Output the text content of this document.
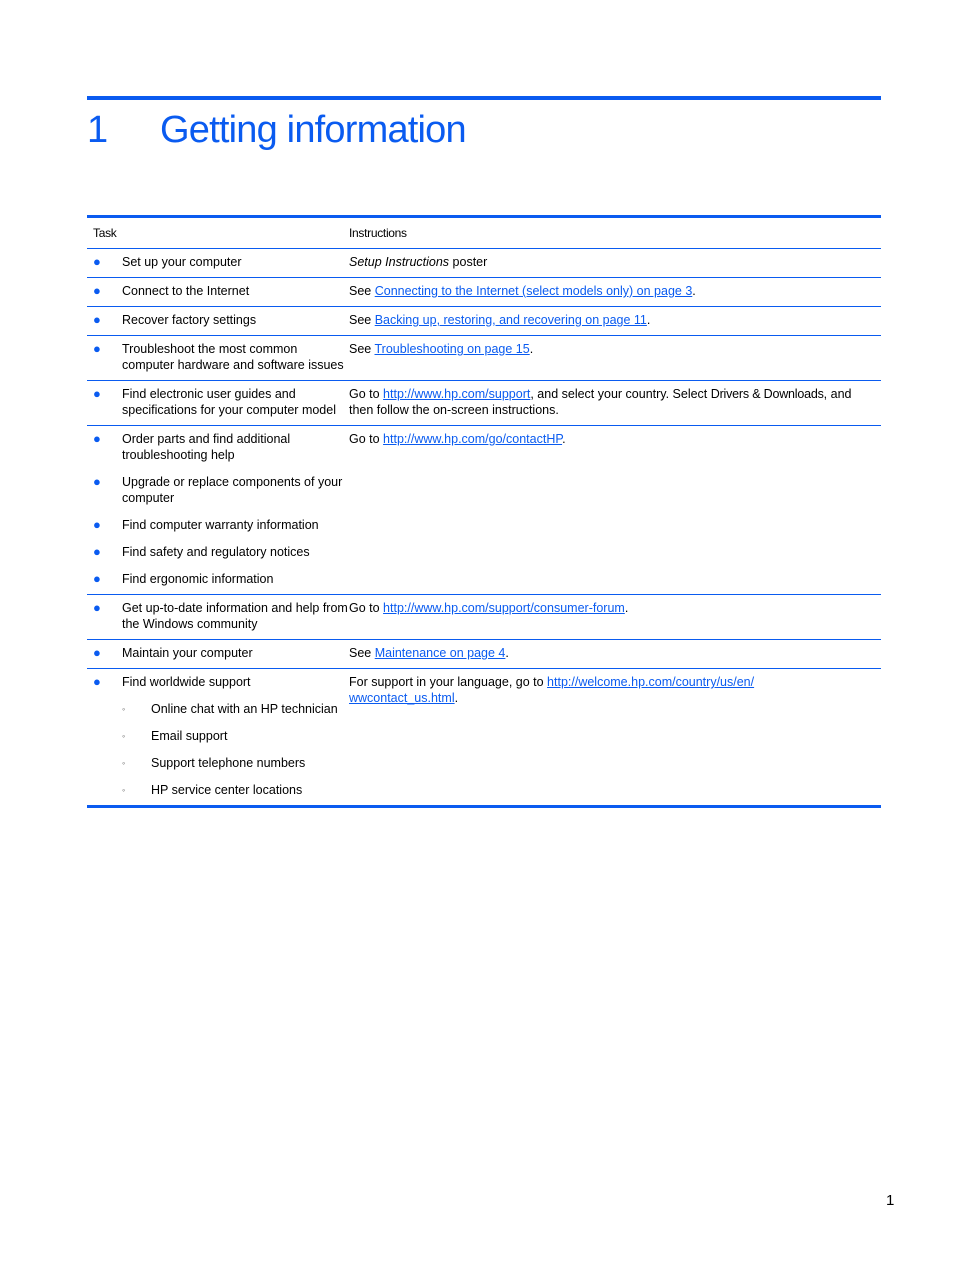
1 Getting information
Task	Instructions
●	Set up your computer	Setup Instructions poster
●	Connect to the Internet	See Connecting to the Internet (select models only) on page 3.
●	Recover factory settings	See Backing up, restoring, and recovering on page 11.
●	Troubleshoot the most common computer hardware and software issues
See Troubleshooting on page 15.
●	Find electronic user guides and specifications for your computer model
Go to http://www.hp.com/support, and select your country. Select Drivers & Downloads, and then follow the on-screen instructions.
●	Order parts and find additional troubleshooting help
●	Upgrade or replace components of your computer
●	Find computer warranty information
●	Find safety and regulatory notices
●	Find ergonomic information
Go to http://www.hp.com/go/contactHP.
●	Get up-to-date information and help from the Windows community
Go to http://www.hp.com/support/consumer-forum.
●	Maintain your computer	See Maintenance on page 4.
●	Find worldwide support
◦	Online chat with an HP technician
◦	Email support
◦	Support telephone numbers
◦	HP service center locations
For support in your language, go to http://welcome.hp.com/country/us/en/
wwcontact_us.html.
1
